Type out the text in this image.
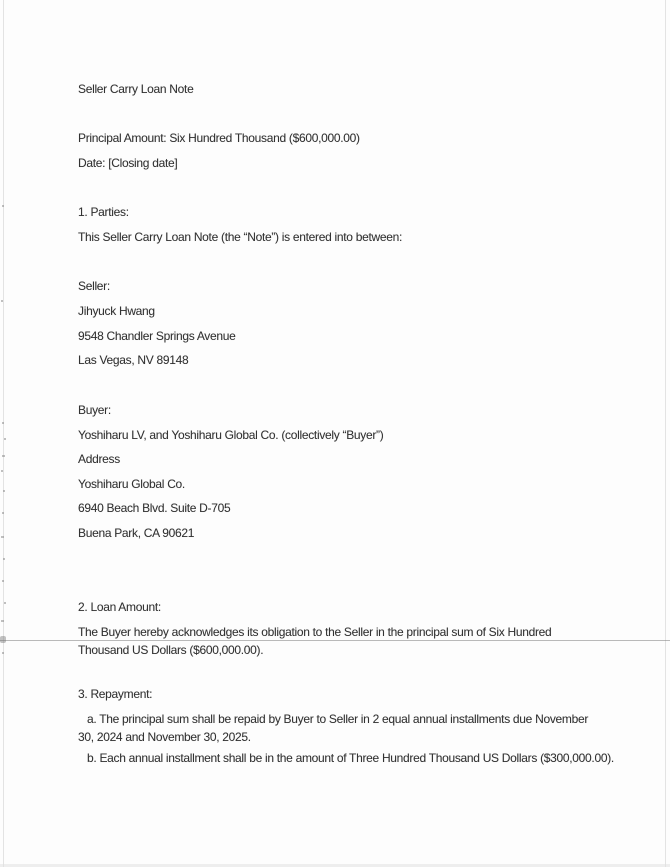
Seller Carry Loan Note

Principal Amount: Six Hundred Thousand ($600,000.00)

Date: [Closing date]

1. Parties:

This Seller Carry Loan Note (the “Note”) is entered into between:

Seller:

Jihyuck Hwang

9548 Chandler Springs Avenue

Las Vegas, NV 89148

Buyer:

Yoshiharu LV, and Yoshiharu Global Co. (collectively “Buyer”)

Address

Yoshiharu Global Co.

6940 Beach Blvd. Suite D-705

Buena Park, CA 90621

2. Loan Amount:

The Buyer hereby acknowledges its obligation to the Seller in the principal sum of Six Hundred Thousand US Dollars ($600,000.00).

3. Repayment:

a. The principal sum shall be repaid by Buyer to Seller in 2 equal annual installments due November 30, 2024 and November 30, 2025.

b. Each annual installment shall be in the amount of Three Hundred Thousand US Dollars ($300,000.00).
